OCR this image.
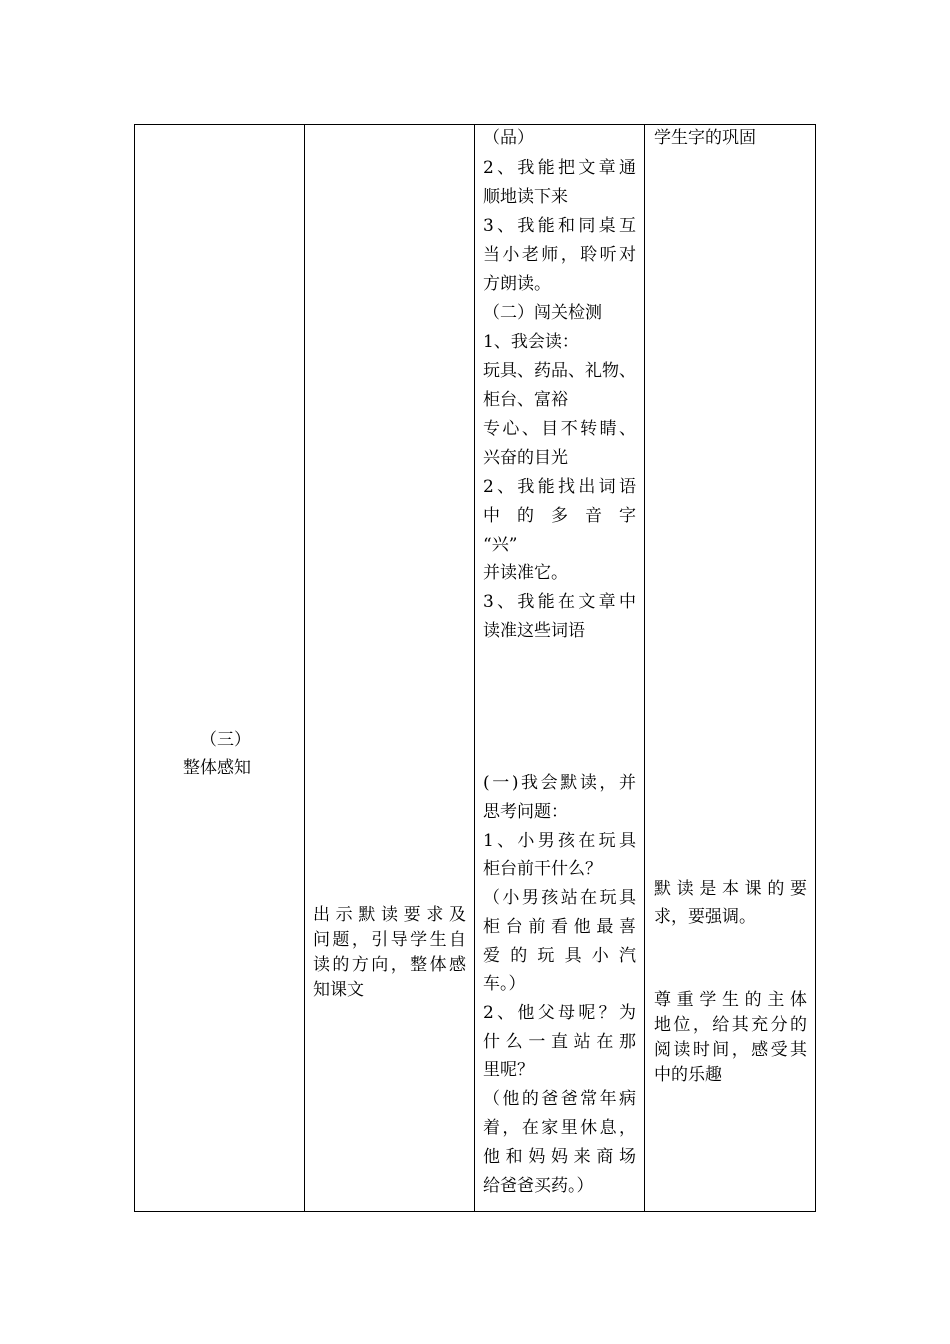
（三）
整体感知
出示默读要求及
问题，引导学生自
读的方向，整体感
知课文
（品）
2、我能把文章通
顺地读下来
3、我能和同桌互
当小老师，聆听对
方朗读。
（二）闯关检测
1、我会读：
玩具、药品、礼物、
柜台、富裕
专心、目不转睛、
兴奋的目光
2、我能找出词语
中 的 多 音 字
“兴”
并读准它。
3、我能在文章中
读准这些词语
(一)我会默读，并
思考问题：
1、小男孩在玩具
柜台前干什么？
（小男孩站在玩具
柜台前看他最喜
爱的玩具小汽
车。）
2、他父母呢？为
什么一直站在那
里呢？
（他的爸爸常年病
着，在家里休息，
他和妈妈来商场
给爸爸买药。）
学生字的巩固
默读是本课的要
求，要强调。
尊重学生的主体
地位，给其充分的
阅读时间，感受其
中的乐趣
